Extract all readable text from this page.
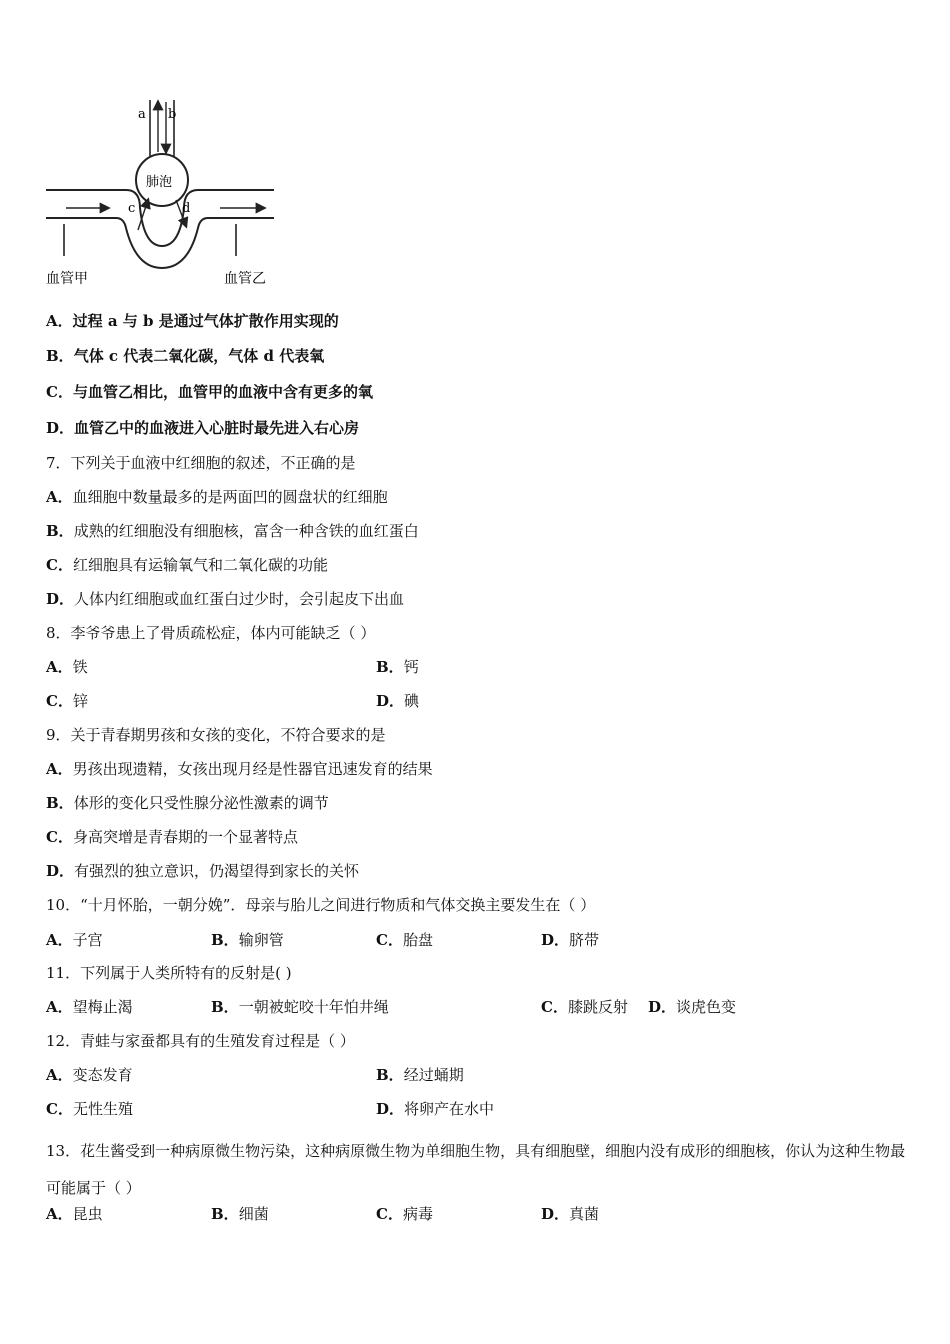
a b
肺泡
c	d
血管甲	血管乙
A．过程 a 与 b 是通过气体扩散作用实现的
B．气体 c 代表二氧化碳，气体 d 代表氧
C．与血管乙相比，血管甲的血液中含有更多的氧
D．血管乙中的血液进入心脏时最先进入右心房
7．下列关于血液中红细胞的叙述，不正确的是
A．血细胞中数量最多的是两面凹的圆盘状的红细胞
B．成熟的红细胞没有细胞核，富含一种含铁的血红蛋白
C．红细胞具有运输氧气和二氧化碳的功能
D．人体内红细胞或血红蛋白过少时，会引起皮下出血
8．李爷爷患上了骨质疏松症，体内可能缺乏（ ）
A．铁	B．钙
C．锌	D．碘
9．关于青春期男孩和女孩的变化，不符合要求的是
A．男孩出现遗精，女孩出现月经是性器官迅速发育的结果
B．体形的变化只受性腺分泌性激素的调节
C．身高突增是青春期的一个显著特点
D．有强烈的独立意识，仍渴望得到家长的关怀
10．“十月怀胎，一朝分娩”．母亲与胎儿之间进行物质和气体交换主要发生在（ ）
A．子宫	B．输卵管	C．胎盘	D．脐带
11．下列属于人类所特有的反射是( )
A．望梅止渴	B．一朝被蛇咬十年怕井绳	C．膝跳反射 D．谈虎色变
12．青蛙与家蚕都具有的生殖发育过程是（ ）
A．变态发育	B．经过蛹期
C．无性生殖	D．将卵产在水中
13．花生酱受到一种病原微生物污染，这种病原微生物为单细胞生物，具有细胞壁，细胞内没有成形的细胞核，你认为这种生物最可能属于（ ）
A．昆虫	B．细菌	C．病毒	D．真菌
